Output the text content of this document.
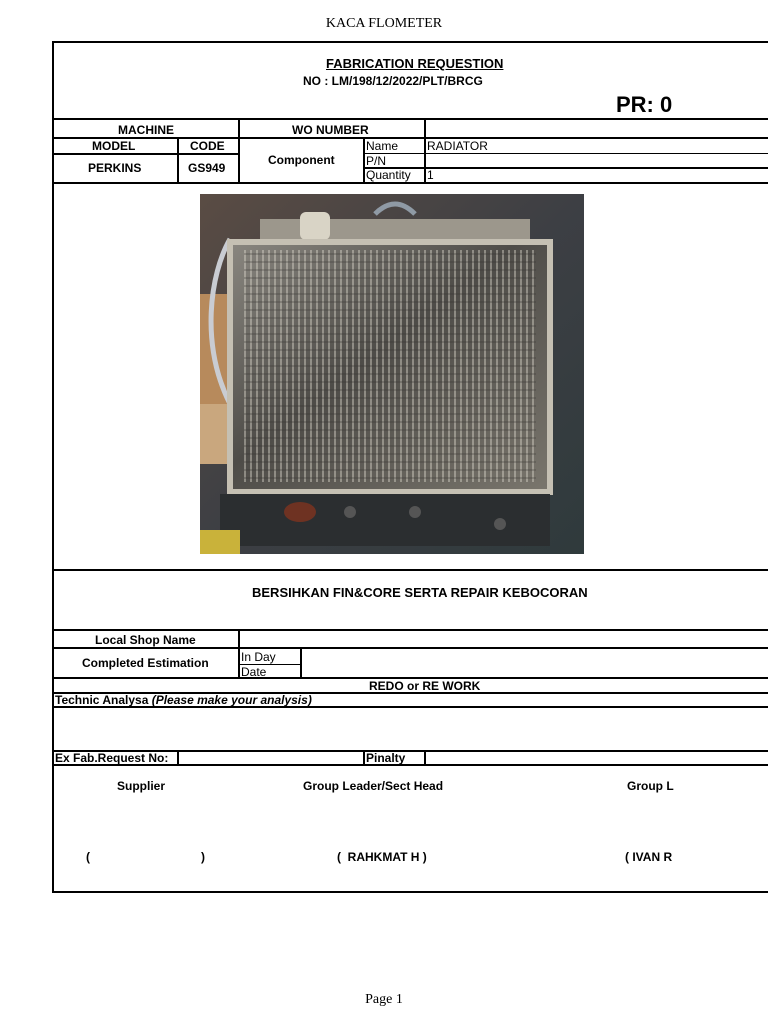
KACA FLOMETER
FABRICATION REQUESTION
NO : LM/198/12/2022/PLT/BRCG
PR: 0
MACHINE	WO NUMBER
MODEL	CODE
PERKINS	GS949
Component
Name RADIATOR
P/N
Quantity 1
BERSIHKAN FIN&CORE SERTA REPAIR KEBOCORAN
Local Shop Name
Completed Estimation	In Day
Date
REDO or RE WORK
Technic Analysa (Please make your analysis)
Ex Fab.Request No:	Pinalty
Supplier	Group Leader/Sect Head	Group L
(	)	(  RAHKMAT H )	( IVAN R
Page 1
